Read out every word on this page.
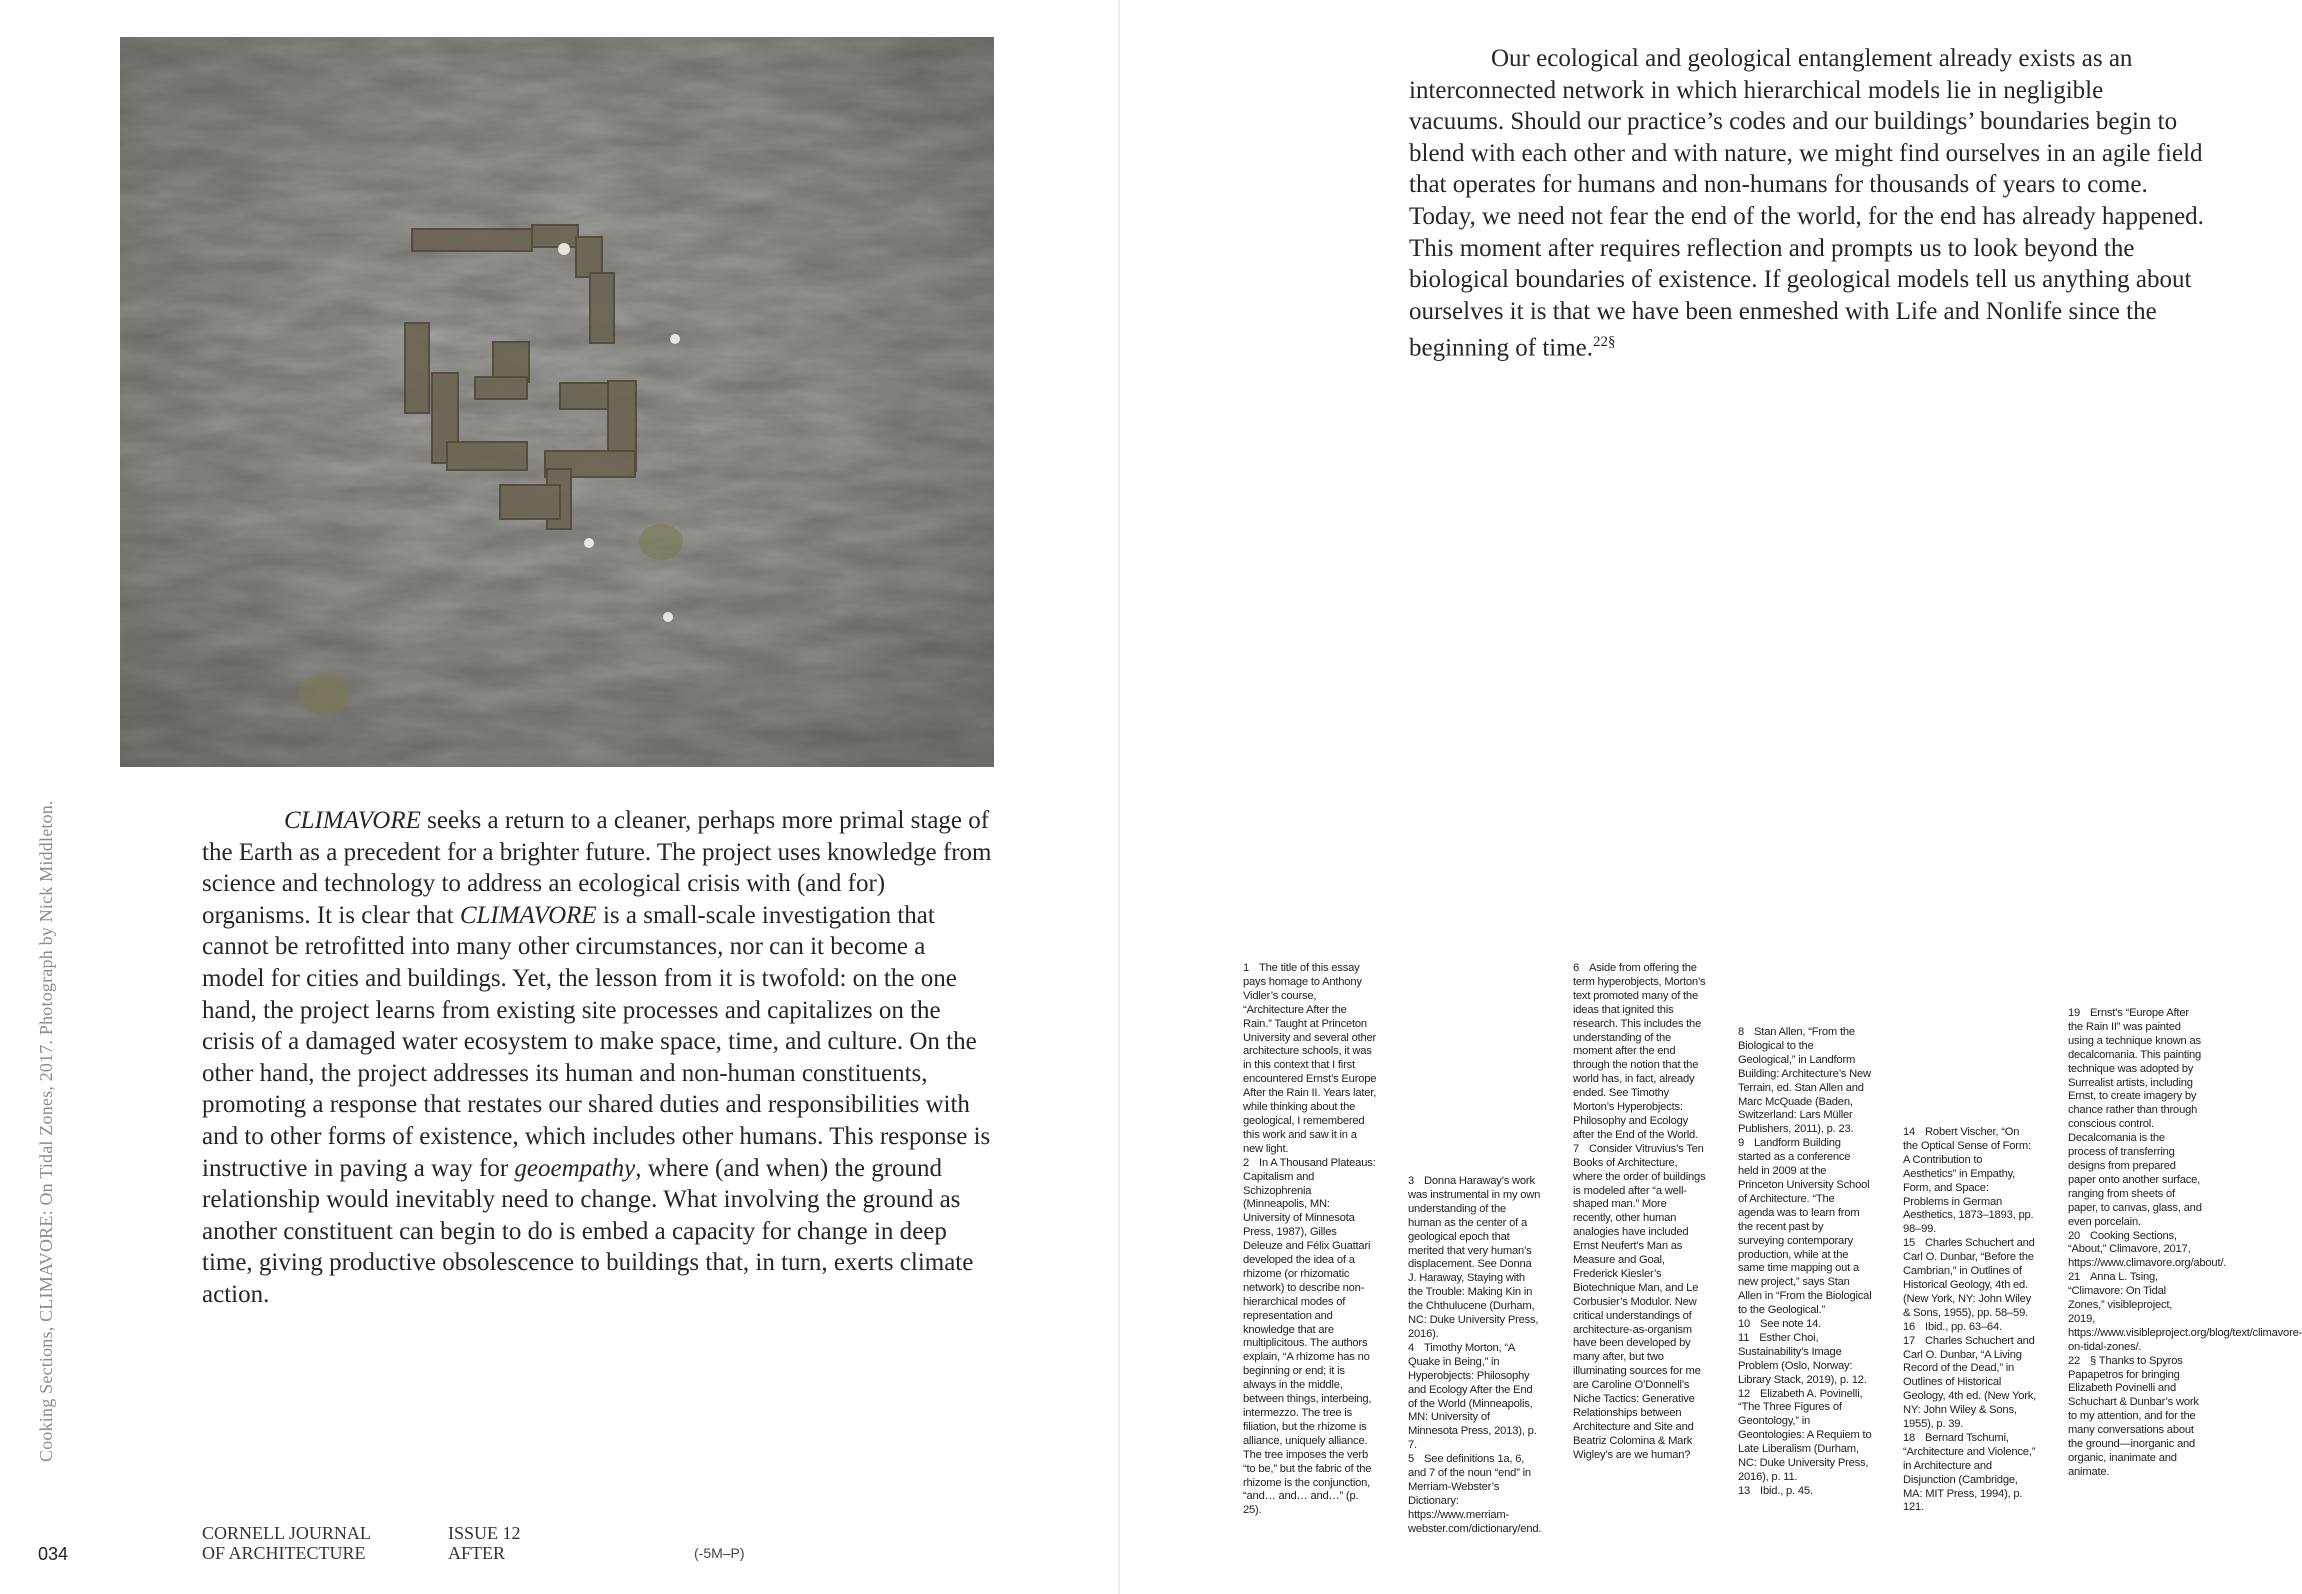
Cooking Sections, CLIMAVORE: On Tidal Zones, 2017. Photograph by Nick Middleton.	CLIMAVORE seeks a return to a cleaner, perhaps more primal stage of the Earth as a precedent for a brighter future. The project uses knowledge from science and technology to address an ecological crisis with (and for) organisms. It is clear that CLIMAVORE is a small-scale investigation that cannot be retrofitted into many other circumstances, nor can it become a model for cities and buildings. Yet, the lesson from it is twofold: on the one hand, the project learns from existing site processes and capitalizes on the crisis of a damaged water ecosystem to make space, time, and culture. On the other hand, the project addresses its human and non-human constituents, promoting a response that restates our shared duties and responsibilities with and to other forms of existence, which includes other humans. This response is instructive in paving a way for geoempathy, where (and when) the ground relationship would inevitably need to change. What involving the ground as another constituent can begin to do is embed a capacity for change in deep time, giving productive obsolescence to buildings that, in turn, exerts climate action.

034
CORNELL JOURNAL
OF ARCHITECTURE
ISSUE 12
AFTER	(-5M–P)

Our ecological and geological entanglement already exists as an interconnected network in which hierarchical models lie in negligible vacuums. Should our practice’s codes and our buildings’ boundaries begin to blend with each other and with nature, we might find ourselves in an agile field that operates for humans and non-humans for thousands of years to come. Today, we need not fear the end of the world, for the end has already happened. This moment after requires reflection and prompts us to look beyond the biological boundaries of existence. If geological models tell us anything about ourselves it is that we have been enmeshed with Life and Nonlife since the beginning of time.$^{22\S}$

1 The title of this essay pays homage to Anthony Vidler’s course, “Architecture After the Rain.” Taught at Princeton University and several other architecture schools, it was in this context that I first encountered Ernst’s Europe After the Rain II. Years later, while thinking about the geological, I remembered this work and saw it in a new light.
2 In A Thousand Plateaus: Capitalism and Schizophrenia (Minneapolis, MN: University of Minnesota Press, 1987), Gilles Deleuze and Félix Guattari developed the idea of a rhizome (or rhizomatic network) to describe non-hierarchical modes of representation and knowledge that are multiplicitous. The authors explain, “A rhizome has no beginning or end; it is always in the middle, between things, interbeing, intermezzo. The tree is filiation, but the rhizome is alliance, uniquely alliance. The tree imposes the verb “to be,” but the fabric of the rhizome is the conjunction, “and… and… and…” (p. 25).
3 Donna Haraway’s work was instrumental in my own understanding of the human as the center of a geological epoch that merited that very human’s displacement. See Donna J. Haraway, Staying with the Trouble: Making Kin in the Chthulucene (Durham, NC: Duke University Press, 2016).
4 Timothy Morton, “A Quake in Being,” in Hyperobjects: Philosophy and Ecology After the End of the World (Minneapolis, MN: University of Minnesota Press, 2013), p. 7.
5 See definitions 1a, 6, and 7 of the noun “end” in Merriam-Webster’s Dictionary: https://www.merriam-webster.com/dictionary/end.
6 Aside from offering the term hyperobjects, Morton’s text promoted many of the ideas that ignited this research. This includes the understanding of the moment after the end through the notion that the world has, in fact, already ended. See Timothy Morton’s Hyperobjects: Philosophy and Ecology after the End of the World.
7 Consider Vitruvius’s Ten Books of Architecture, where the order of buildings is modeled after “a well-shaped man.” More recently, other human analogies have included Ernst Neufert’s Man as Measure and Goal, Frederick Kiesler’s Biotechnique Man, and Le Corbusier’s Modulor. New critical understandings of architecture-as-organism have been developed by many after, but two illuminating sources for me are Caroline O’Donnell’s Niche Tactics: Generative Relationships between Architecture and Site and Beatriz Colomina & Mark Wigley’s are we human?
8 Stan Allen, “From the Biological to the Geological,” in Landform Building: Architecture’s New Terrain, ed. Stan Allen and Marc McQuade (Baden, Switzerland: Lars Müller Publishers, 2011), p. 23.
9 Landform Building started as a conference held in 2009 at the Princeton University School of Architecture. “The agenda was to learn from the recent past by surveying contemporary production, while at the same time mapping out a new project,” says Stan Allen in “From the Biological to the Geological.”
10 See note 14.
11 Esther Choi, Sustainability’s Image Problem (Oslo, Norway: Library Stack, 2019), p. 12.
12 Elizabeth A. Povinelli, “The Three Figures of Geontology,” in Geontologies: A Requiem to Late Liberalism (Durham, NC: Duke University Press, 2016), p. 11.
13 Ibid., p. 45.
14 Robert Vischer, “On the Optical Sense of Form: A Contribution to Aesthetics” in Empathy, Form, and Space: Problems in German Aesthetics, 1873–1893, pp. 98–99.
15 Charles Schuchert and Carl O. Dunbar, “Before the Cambrian,” in Outlines of Historical Geology, 4th ed. (New York, NY: John Wiley & Sons, 1955), pp. 58–59.
16 Ibid., pp. 63–64.
17 Charles Schuchert and Carl O. Dunbar, “A Living Record of the Dead,” in Outlines of Historical Geology, 4th ed. (New York, NY: John Wiley & Sons, 1955), p. 39.
18 Bernard Tschumi, “Architecture and Violence,” in Architecture and Disjunction (Cambridge, MA: MIT Press, 1994), p. 121.
19 Ernst’s “Europe After the Rain II” was painted using a technique known as decalcomania. This painting technique was adopted by Surrealist artists, including Ernst, to create imagery by chance rather than through conscious control. Decalcomania is the process of transferring designs from prepared paper onto another surface, ranging from sheets of paper, to canvas, glass, and even porcelain.
20 Cooking Sections, “About,” Climavore, 2017, https://www.climavore.org/about/.
21 Anna L. Tsing, “Climavore: On Tidal Zones,” visibleproject, 2019, https://www.visibleproject.org/blog/text/climavore-on-tidal-zones/.
22 § Thanks to Spyros Papapetros for bringing Elizabeth Povinelli and Schuchart & Dunbar’s work to my attention, and for the many conversations about the ground—inorganic and organic, inanimate and animate.
